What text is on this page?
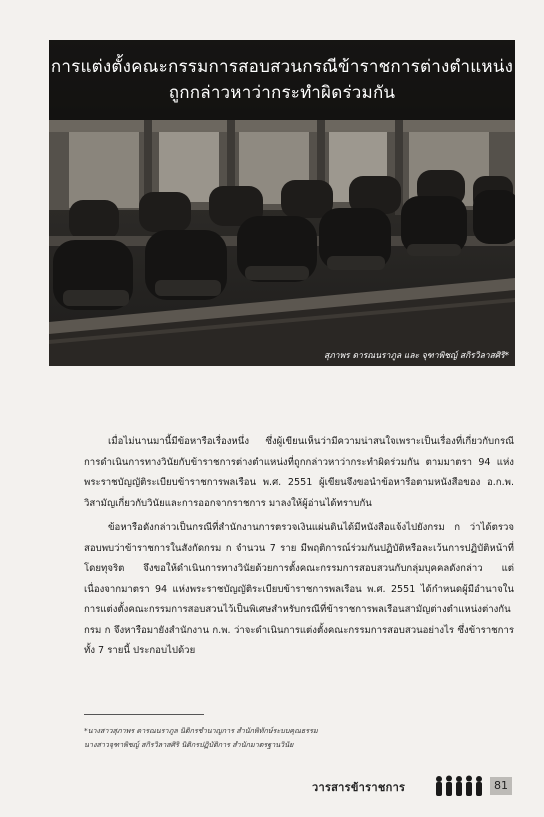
การแต่งตั้งคณะกรรมการสอบสวนกรณีข้าราชการต่างตำแหน่ง
ถูกกล่าวหาว่ากระทำผิดร่วมกัน
สุภาพร ดารณนราภูล และ จุฑาพิชญ์ สกิรวิลาสศิริ*

เมื่อไม่นานมานี้มีข้อหารือเรื่องหนึ่ง ซึ่งผู้เขียนเห็นว่ามีความน่าสนใจเพราะเป็นเรื่องที่เกี่ยวกับกรณีการดำเนินการทางวินัยกับข้าราชการต่างตำแหน่งที่ถูกกล่าวหาว่ากระทำผิดร่วมกัน ตามมาตรา 94 แห่งพระราชบัญญัติระเบียบข้าราชการพลเรือน พ.ศ. 2551 ผู้เขียนจึงขอนำข้อหารือตามหนังสือของ อ.ก.พ. วิสามัญเกี่ยวกับวินัยและการออกจากราชการ มาลงให้ผู้อ่านได้ทราบกัน

ข้อหารือดังกล่าวเป็นกรณีที่สำนักงานการตรวจเงินแผ่นดินได้มีหนังสือแจ้งไปยังกรม ก ว่าได้ตรวจสอบพบว่าข้าราชการในสังกัดกรม ก จำนวน 7 ราย มีพฤติการณ์ร่วมกันปฏิบัติหรือละเว้นการปฏิบัติหน้าที่โดยทุจริต จึงขอให้ดำเนินการทางวินัยด้วยการตั้งคณะกรรมการสอบสวนกับกลุ่มบุคคลดังกล่าว แต่เนื่องจากมาตรา 94 แห่งพระราชบัญญัติระเบียบข้าราชการพลเรือน พ.ศ. 2551 ได้กำหนดผู้มีอำนาจในการแต่งตั้งคณะกรรมการสอบสวนไว้เป็นพิเศษสำหรับกรณีที่ข้าราชการพลเรือนสามัญต่างตำแหน่งต่างกัน กรม ก จึงหารือมายังสำนักงาน ก.พ. ว่าจะดำเนินการแต่งตั้งคณะกรรมการสอบสวนอย่างไร ซึ่งข้าราชการทั้ง 7 รายนี้ ประกอบไปด้วย

*นางสาวสุภาพร ดารณนราภูล นิติกรชำนาญการ สำนักพิทักษ์ระบบคุณธรรม
นางสาวจุฑาพิชญ์ สกิรวิลาสศิริ นิติกรปฏิบัติการ สำนักมาตรฐานวินัย
วารสารข้าราชการ	81
